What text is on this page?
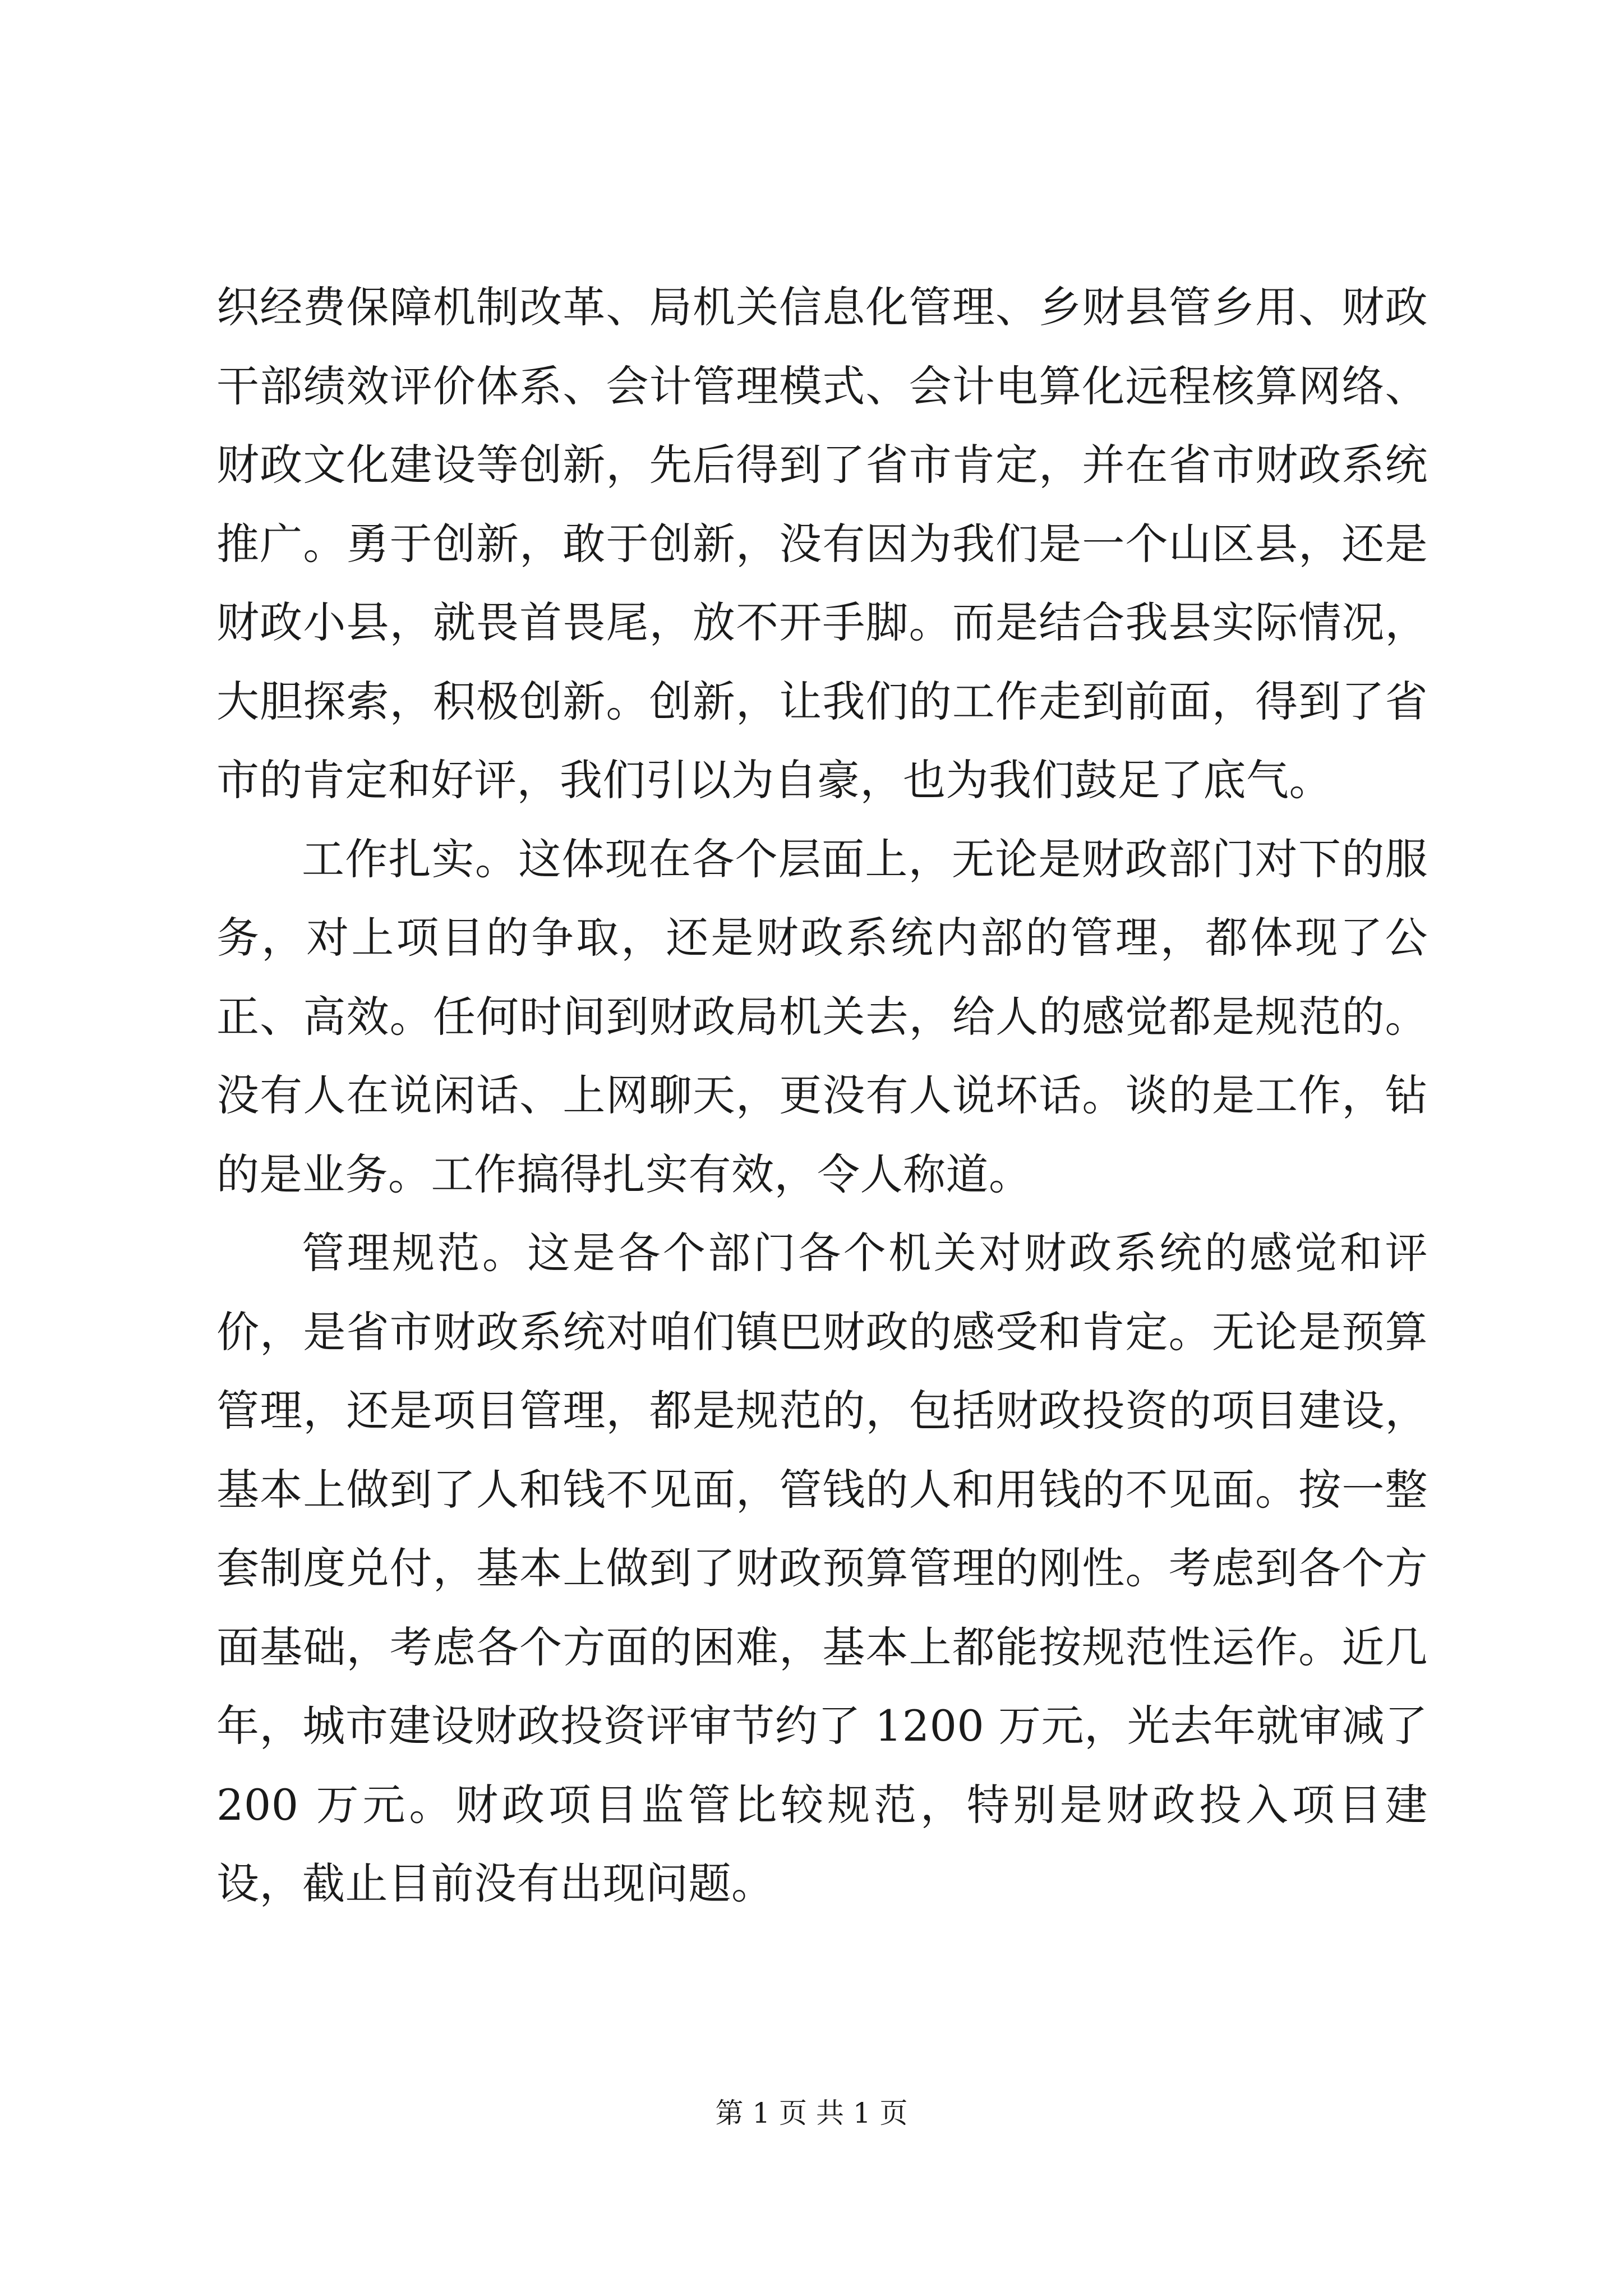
织经费保障机制改革、局机关信息化管理、乡财县管乡用、财政干部绩效评价体系、会计管理模式、会计电算化远程核算网络、财政文化建设等创新，先后得到了省市肯定，并在省市财政系统推广。勇于创新，敢于创新，没有因为我们是一个山区县，还是财政小县，就畏首畏尾，放不开手脚。而是结合我县实际情况，大胆探索，积极创新。创新，让我们的工作走到前面，得到了省市的肯定和好评，我们引以为自豪，也为我们鼓足了底气。

工作扎实。这体现在各个层面上，无论是财政部门对下的服务，对上项目的争取，还是财政系统内部的管理，都体现了公正、高效。任何时间到财政局机关去，给人的感觉都是规范的。没有人在说闲话、上网聊天，更没有人说坏话。谈的是工作，钻的是业务。工作搞得扎实有效，令人称道。

管理规范。这是各个部门各个机关对财政系统的感觉和评价，是省市财政系统对咱们镇巴财政的感受和肯定。无论是预算管理，还是项目管理，都是规范的，包括财政投资的项目建设，基本上做到了人和钱不见面，管钱的人和用钱的不见面。按一整套制度兑付，基本上做到了财政预算管理的刚性。考虑到各个方面基础，考虑各个方面的困难，基本上都能按规范性运作。近几年，城市建设财政投资评审节约了 1200 万元，光去年就审减了 200 万元。财政项目监管比较规范，特别是财政投入项目建设，截止目前没有出现问题。

第 1 页 共 1 页
